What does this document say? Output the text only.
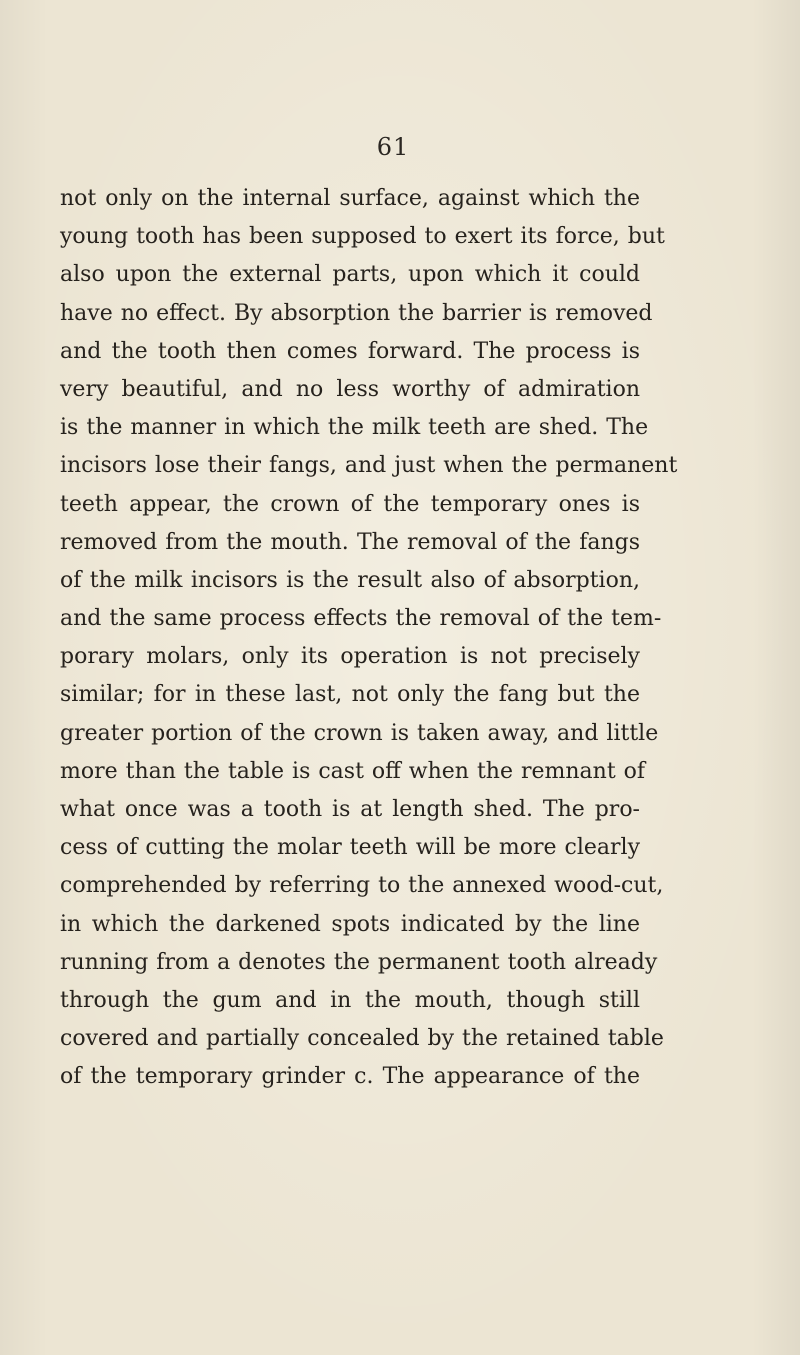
61
not only on the internal surface, against which the
young tooth has been supposed to exert its force, but
also upon the external parts, upon which it could
have no effect. By absorption the barrier is removed
and the tooth then comes forward. The process is
very beautiful, and no less worthy of admiration
is the manner in which the milk teeth are shed. The
incisors lose their fangs, and just when the permanent
teeth appear, the crown of the temporary ones is
removed from the mouth. The removal of the fangs
of the milk incisors is the result also of absorption,
and the same process effects the removal of the tem-
porary molars, only its operation is not precisely
similar; for in these last, not only the fang but the
greater portion of the crown is taken away, and little
more than the table is cast off when the remnant of
what once was a tooth is at length shed. The pro-
cess of cutting the molar teeth will be more clearly
comprehended by referring to the annexed wood-cut,
in which the darkened spots indicated by the line
running from a denotes the permanent tooth already
through the gum and in the mouth, though still
covered and partially concealed by the retained table
of the temporary grinder c. The appearance of the
